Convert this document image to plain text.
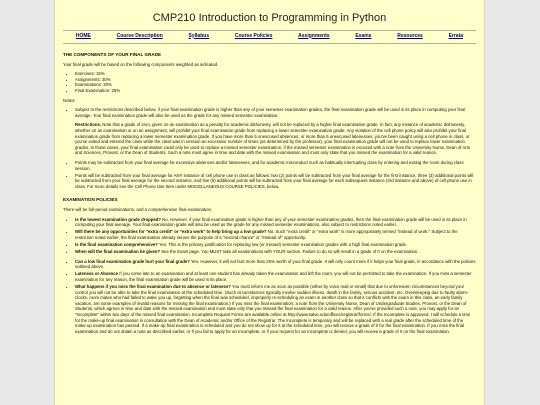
CMP210 Introduction to Programming in Python
HOME	Course Description	Syllabus	Course Policies	Assignments	Exams	Resources	Errata
THE COMPONENTS OF YOUR FINAL GRADE

Your final grade will be based on the following components weighted as indicated.

• Exercises: 15%
• Assignments: 30%
• Examinations: 30%
• Final Examination: 25%

Notes:

• Subject to the restrictions described below, if your final examination grade is higher than any of your semester examination grades, the final examination grade will be used in its place in computing your final average. Your final examination grade will also be used as the grade for any missed semester examination.

Restrictions. Note that a grade of zero, given on an examination as a penalty for academic dishonesty, will not be replaced by a higher final examination grade. In fact, any instance of academic dishonesty, whether on an examination or on an assignment, will prohibit your final examination grade from replacing a lower semester examination grade. Any violation of the cell phone policy will also prohibit your final examination grade from replacing a lower semester examination grade. If you have more than 5 unexcused absences, or more than 5 unexcused latenesses, you've been caught using a cell phone in class, or you've exited and entered the class while the class was in session an excessive number of times (as determined by the professor), your final examination grade will not be used to replace lower examination grades. In those cases, your final examination could only be used to replace a missed semester examination, if the missed semester examination is excused with a note from the University Nurse, Dean of Arts and Sciences, Provost, or the Dean of Students. Such a note must agree in time and date with the missed examination and must only state that you missed the examination for a valid reason.

• Points may be subtracted from your final average for excessive absences and/or latenesses, and for academic misconduct such as habitually interrupting class by entering and exiting the room during class session.
• Points will be subtracted from your final average for ANY instance of cell phone use in class as follows: two (2) points will be subtracted from your final average for the first instance, three (3) additional points will be subtracted from your final average for the second instance, and five (5) additional points will be subtracted from your final average for each subsequent instance (3rd instance and above) of cell phone use in class. For more details see the Cell Phone Use Item under MISCELLANEOUS COURSE POLICIES, below.
EXAMINATION POLICIES

There will be full-period examinations, and a comprehensive final examination.

• Is the lowest examination grade dropped? No. However, if your final examination grade is higher than any of your semester examination grades, then the final examination grade will be used in its place in computing your final average. Your final examination grade will also be used as the grade for any missed semester examinations, also subject to restrictions noted earlier.
• Will there be any opportunities for "extra credit" or "extra work" to help bring up a low grade? No. Such "extra credit" or "extra work" is more appropriately termed "instead of work." Subject to the restriction noted earlier, the final examination already serves the purpose of a "second chance" or "instead of" opportunity.
• Is the final examination comprehensive? Yes. This is the primary justification for replacing low (or missed) semester examination grades with a high final examination grade.
• When will the final examination be given? See the Exam page. You MUST take all examinations with YOUR section. Failure to do so will result in a grade of 0 on the examination.
• Can a low final examination grade hurt your final grade? Yes. However, it will not hurt more than 25% worth of your final grade. It will only count more if it helps your final grade, in accordance with the policies outlined above.
• Lateness or Absence If you come late to an examination and at least one student has already taken the examination and left the room, you will not be permitted to take the examination. If you miss a semester examination for any reason, the final examination grade will be used in its place.
• What happens if you miss the final examination due to absence or lateness? You must inform me as soon as possible (either by voice mail or email) that due to unforeseen circumstances beyond your control you will not be able to take the final examination at the scheduled time. (Such circumstances typically involve sudden illness, death in the family, serious accident, etc. Oversleeping due to faulty alarm-clocks, room mates who had failed to wake you up, forgetting when the final was scheduled, improperly re-scheduling an exam in another class so that it conflicts with the exam in this class, an early family vacation, are some examples of invalid reasons for missing the final examination.) If you miss the final examination, a note from the University Nurse, Dean of Undergraduate Studies, Provost, or the Dean of Students, which agrees in time and date with the missed examination and must state only that you missed the final examination for a valid reason. After you've provided such a note, you may apply for an "Incomplete" within two days of the missed final examination. Incomplete Request Forms are available online at http://www.salve.edu/offices/registrar/forms/. If the Incomplete is approved, I will schedule a time for the make-up final examination in consultation with the Dean of Academic and/or Office of the Registrar. The Incomplete is temporary and will be replaced with a real grade after the scheduled time of the make-up examination has passed. If a make-up final examination is scheduled and you do not show up for it at the scheduled time, you will receive a grade of 0 for the final examination. If you miss the final examination and do not obtain a note as described earlier, or if you fail to apply for an Incomplete, or if your request for an Incomplete is denied, you will receive a grade of 0 on the final examination.
